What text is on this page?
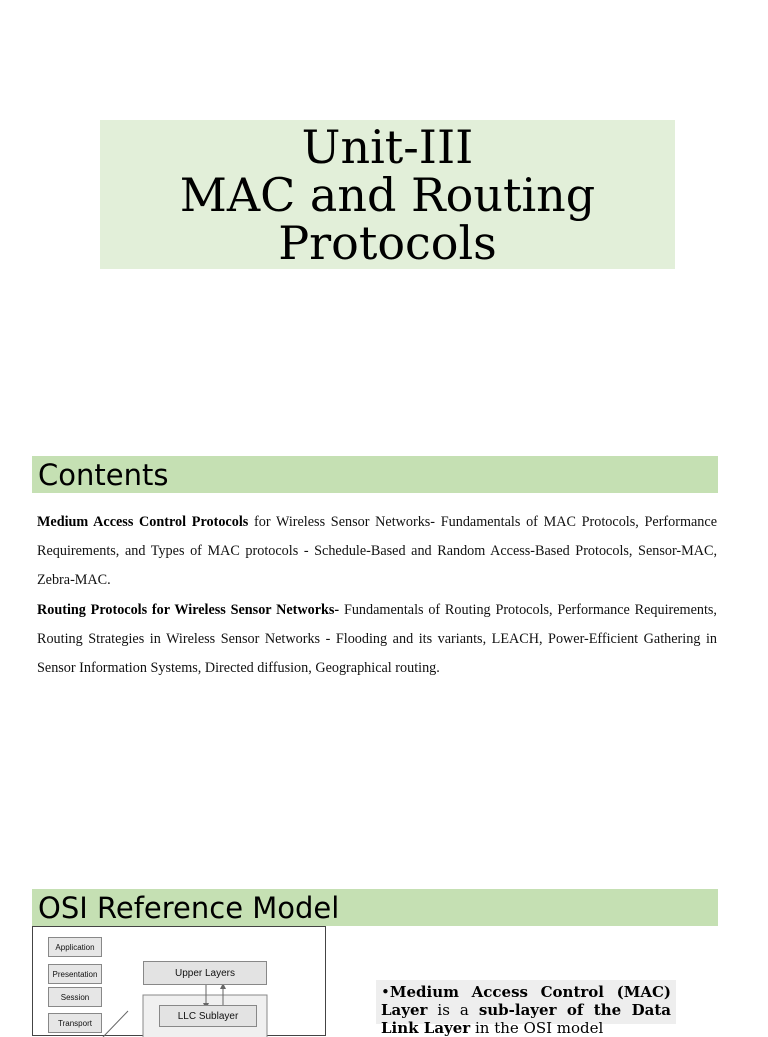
Unit-III
MAC and Routing
Protocols
Contents

Medium Access Control Protocols for Wireless Sensor Networks- Fundamentals of MAC Protocols, Performance Requirements, and Types of MAC protocols - Schedule-Based and Random Access-Based Protocols, Sensor-MAC, Zebra-MAC.

Routing Protocols for Wireless Sensor Networks- Fundamentals of Routing Protocols, Performance Requirements, Routing Strategies in Wireless Sensor Networks - Flooding and its variants, LEACH, Power-Efficient Gathering in Sensor Information Systems, Directed diffusion, Geographical routing.

OSI Reference Model
Application
Presentation
Session
Transport
Upper Layers
LLC Sublayer
•Medium Access Control (MAC) Layer is a sub-layer of the Data Link Layer in the OSI model
